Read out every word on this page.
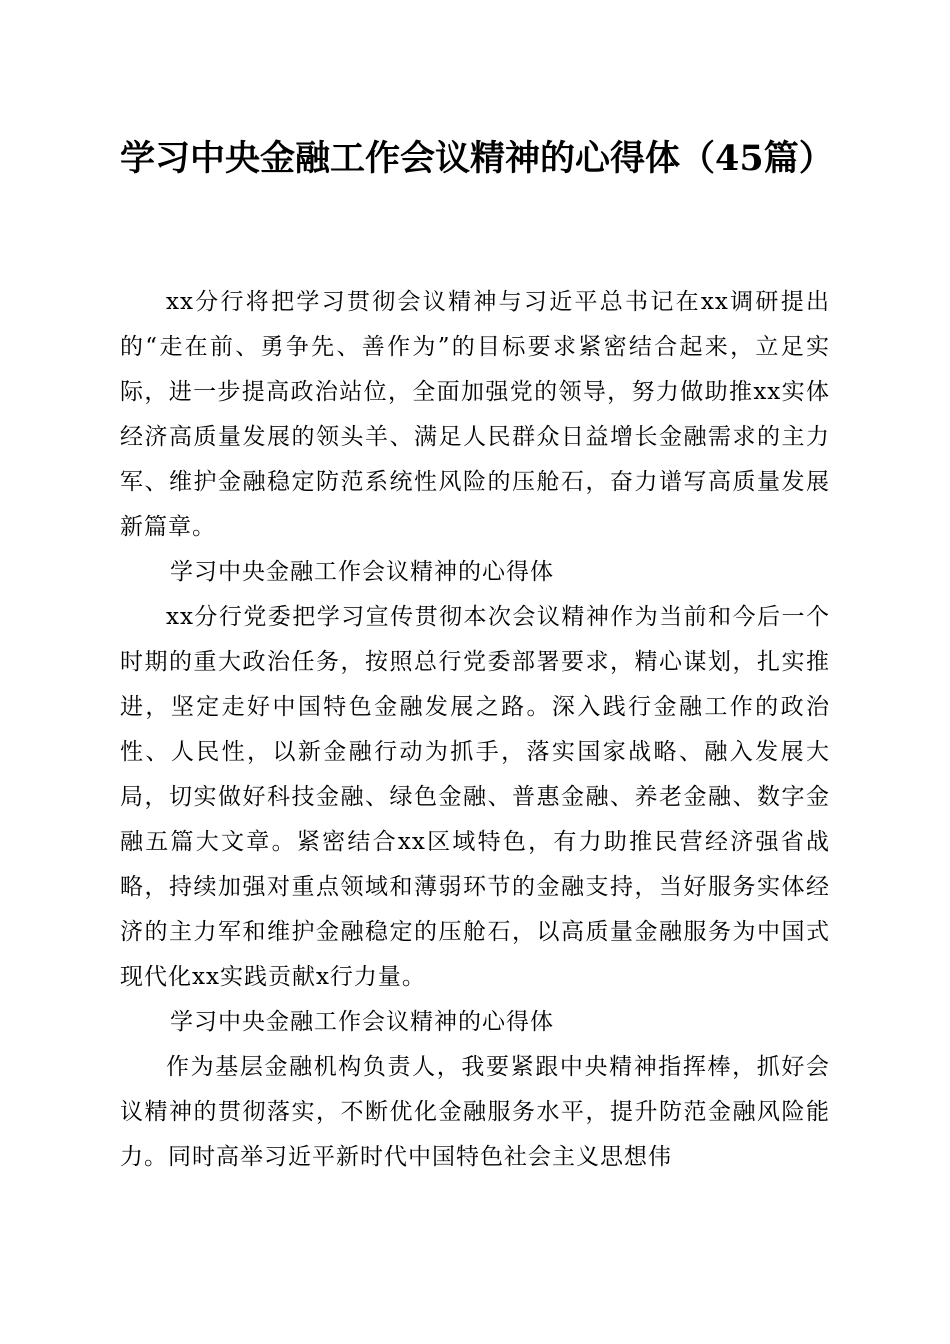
学习中央金融工作会议精神的心得体（45篇）

xx分行将把学习贯彻会议精神与习近平总书记在xx调研提出的“走在前、勇争先、善作为”的目标要求紧密结合起来，立足实际，进一步提高政治站位，全面加强党的领导，努力做助推xx实体经济高质量发展的领头羊、满足人民群众日益增长金融需求的主力军、维护金融稳定防范系统性风险的压舱石，奋力谱写高质量发展新篇章。

学习中央金融工作会议精神的心得体

xx分行党委把学习宣传贯彻本次会议精神作为当前和今后一个时期的重大政治任务，按照总行党委部署要求，精心谋划，扎实推进，坚定走好中国特色金融发展之路。深入践行金融工作的政治性、人民性，以新金融行动为抓手，落实国家战略、融入发展大局，切实做好科技金融、绿色金融、普惠金融、养老金融、数字金融五篇大文章。紧密结合xx区域特色，有力助推民营经济强省战略，持续加强对重点领域和薄弱环节的金融支持，当好服务实体经济的主力军和维护金融稳定的压舱石，以高质量金融服务为中国式现代化xx实践贡献x行力量。

学习中央金融工作会议精神的心得体

作为基层金融机构负责人，我要紧跟中央精神指挥棒，抓好会议精神的贯彻落实，不断优化金融服务水平，提升防范金融风险能力。同时高举习近平新时代中国特色社会主义思想伟
